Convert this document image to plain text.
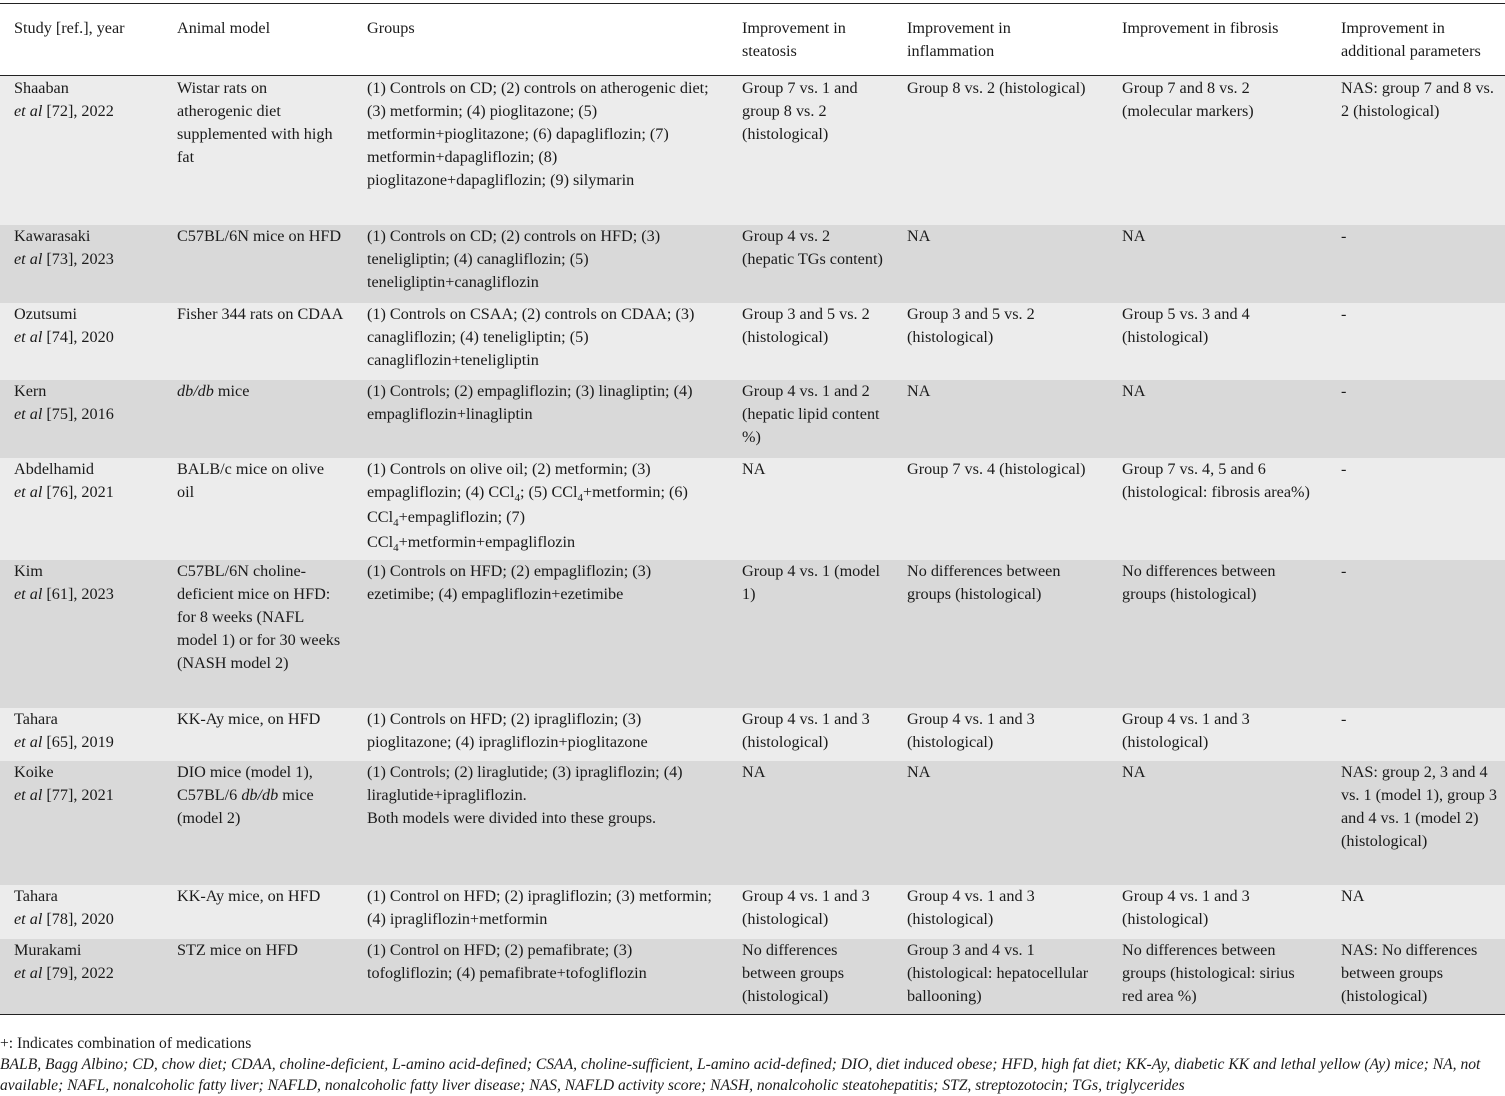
Study [ref.], year	Animal model	Groups	Improvement in steatosis	Improvement in inflammation	Improvement in fibrosis	Improvement in additional parameters

Shaaban
et al [72], 2022	Wistar rats on atherogenic diet supplemented with high fat	(1) Controls on CD; (2) controls on atherogenic diet; (3) metformin; (4) pioglitazone; (5) metformin+pioglitazone; (6) dapagliflozin; (7) metformin+dapagliflozin; (8) pioglitazone+dapagliflozin; (9) silymarin	Group 7 vs. 1 and group 8 vs. 2 (histological)	Group 8 vs. 2 (histological)	Group 7 and 8 vs. 2 (molecular markers)	NAS: group 7 and 8 vs. 2 (histological)

Kawarasaki
et al [73], 2023	C57BL/6N mice on HFD	(1) Controls on CD; (2) controls on HFD; (3) teneligliptin; (4) canagliflozin; (5) teneligliptin+canagliflozin	Group 4 vs. 2 (hepatic TGs content)	NA	NA	-

Ozutsumi
et al [74], 2020	Fisher 344 rats on CDAA	(1) Controls on CSAA; (2) controls on CDAA; (3) canagliflozin; (4) teneligliptin; (5) canagliflozin+teneligliptin	Group 3 and 5 vs. 2 (histological)	Group 3 and 5 vs. 2 (histological)	Group 5 vs. 3 and 4 (histological)	-

Kern
et al [75], 2016	db/db mice	(1) Controls; (2) empagliflozin; (3) linagliptin; (4) empagliflozin+linagliptin	Group 4 vs. 1 and 2 (hepatic lipid content %)	NA	NA	-

Abdelhamid
et al [76], 2021	BALB/c mice on olive oil	(1) Controls on olive oil; (2) metformin; (3) empagliflozin; (4) CCl$_4$; (5) CCl$_4$+metformin; (6) CCl$_4$+empagliflozin; (7) CCl$_4$+metformin+empagliflozin	NA	Group 7 vs. 4 (histological)	Group 7 vs. 4, 5 and 6 (histological: fibrosis area%)	-

Kim
et al [61], 2023	C57BL/6N choline-deficient mice on HFD: for 8 weeks (NAFL model 1) or for 30 weeks (NASH model 2)	(1) Controls on HFD; (2) empagliflozin; (3) ezetimibe; (4) empagliflozin+ezetimibe	Group 4 vs. 1 (model 1)	No differences between groups (histological)	No differences between groups (histological)	-

Tahara
et al [65], 2019	KK-Ay mice, on HFD	(1) Controls on HFD; (2) ipragliflozin; (3) pioglitazone; (4) ipragliflozin+pioglitazone	Group 4 vs. 1 and 3 (histological)	Group 4 vs. 1 and 3 (histological)	Group 4 vs. 1 and 3 (histological)	-

Koike
et al [77], 2021	DIO mice (model 1), C57BL/6 db/db mice (model 2)	(1) Controls; (2) liraglutide; (3) ipragliflozin; (4) liraglutide+ipragliflozin.
Both models were divided into these groups.	NA	NA	NA	NAS: group 2, 3 and 4 vs. 1 (model 1), group 3 and 4 vs. 1 (model 2) (histological)

Tahara
et al [78], 2020	KK-Ay mice, on HFD	(1) Control on HFD; (2) ipragliflozin; (3) metformin; (4) ipragliflozin+metformin	Group 4 vs. 1 and 3 (histological)	Group 4 vs. 1 and 3 (histological)	Group 4 vs. 1 and 3 (histological)	NA

Murakami
et al [79], 2022	STZ mice on HFD	(1) Control on HFD; (2) pemafibrate; (3) tofogliflozin; (4) pemafibrate+tofogliflozin	No differences between groups (histological)	Group 3 and 4 vs. 1 (histological: hepatocellular ballooning)	No differences between groups (histological: sirius red area %)	NAS: No differences between groups (histological)
+: Indicates combination of medications
BALB, Bagg Albino; CD, chow diet; CDAA, choline-deficient, L-amino acid-defined; CSAA, choline-sufficient, L-amino acid-defined; DIO, diet induced obese; HFD, high fat diet; KK-Ay, diabetic KK and lethal yellow (Ay) mice; NA, not available; NAFL, nonalcoholic fatty liver; NAFLD, nonalcoholic fatty liver disease; NAS, NAFLD activity score; NASH, nonalcoholic steatohepatitis; STZ, streptozotocin; TGs, triglycerides
